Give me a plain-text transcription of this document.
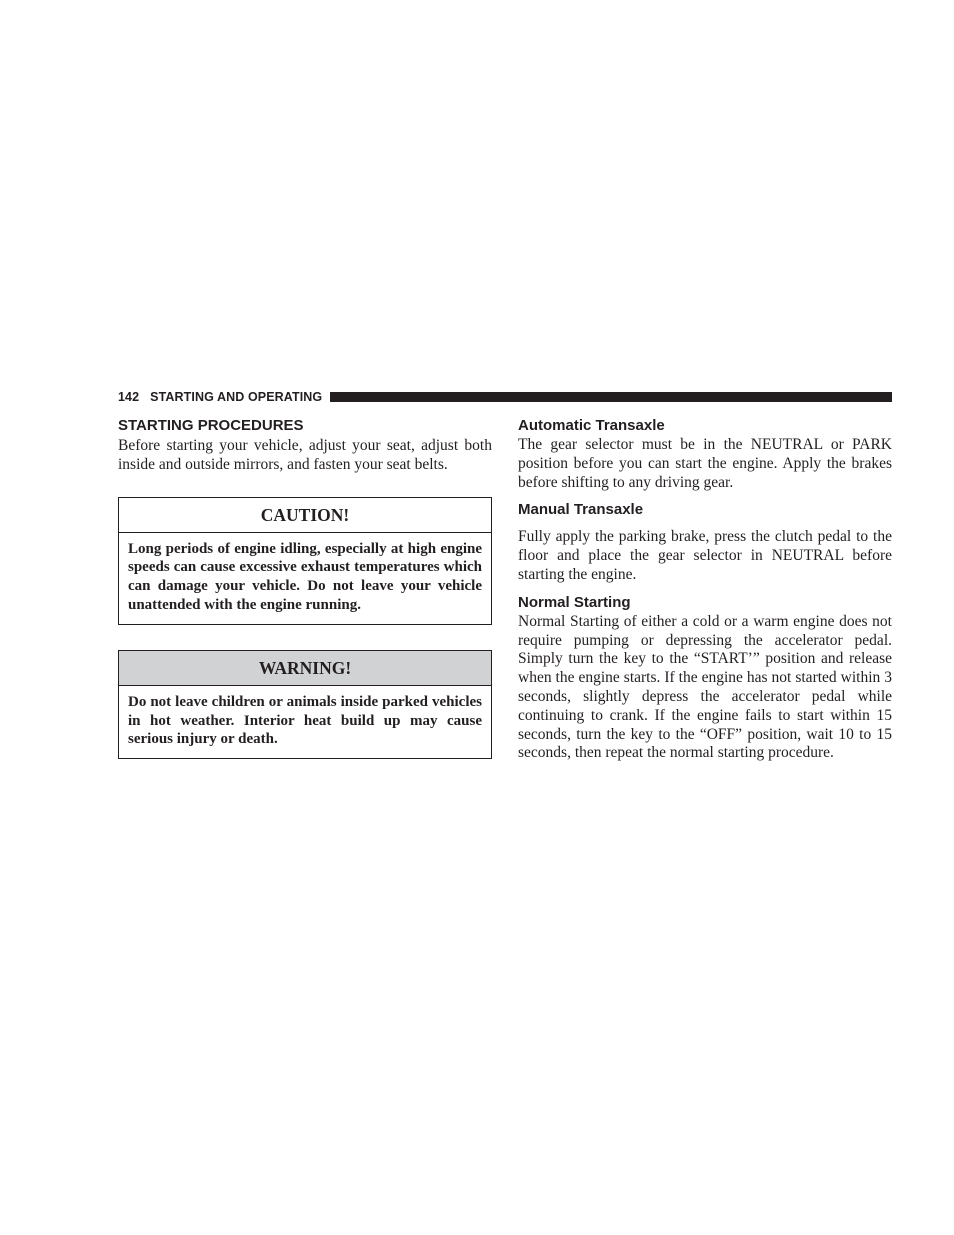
142 STARTING AND OPERATING
STARTING PROCEDURES

Before starting your vehicle, adjust your seat, adjust both inside and outside mirrors, and fasten your seat belts.

CAUTION!
Long periods of engine idling, especially at high engine speeds can cause excessive exhaust temperatures which can damage your vehicle. Do not leave your vehicle unattended with the engine running.
WARNING!
Do not leave children or animals inside parked vehicles in hot weather. Interior heat build up may cause serious injury or death.
Automatic Transaxle

The gear selector must be in the NEUTRAL or PARK position before you can start the engine. Apply the brakes before shifting to any driving gear.

Manual Transaxle

Fully apply the parking brake, press the clutch pedal to the floor and place the gear selector in NEUTRAL before starting the engine.

Normal Starting

Normal Starting of either a cold or a warm engine does not require pumping or depressing the accelerator pedal. Simply turn the key to the “START’” position and release when the engine starts. If the engine has not started within 3 seconds, slightly depress the accelerator pedal while continuing to crank. If the engine fails to start within 15 seconds, turn the key to the “OFF” position, wait 10 to 15 seconds, then repeat the normal starting procedure.
